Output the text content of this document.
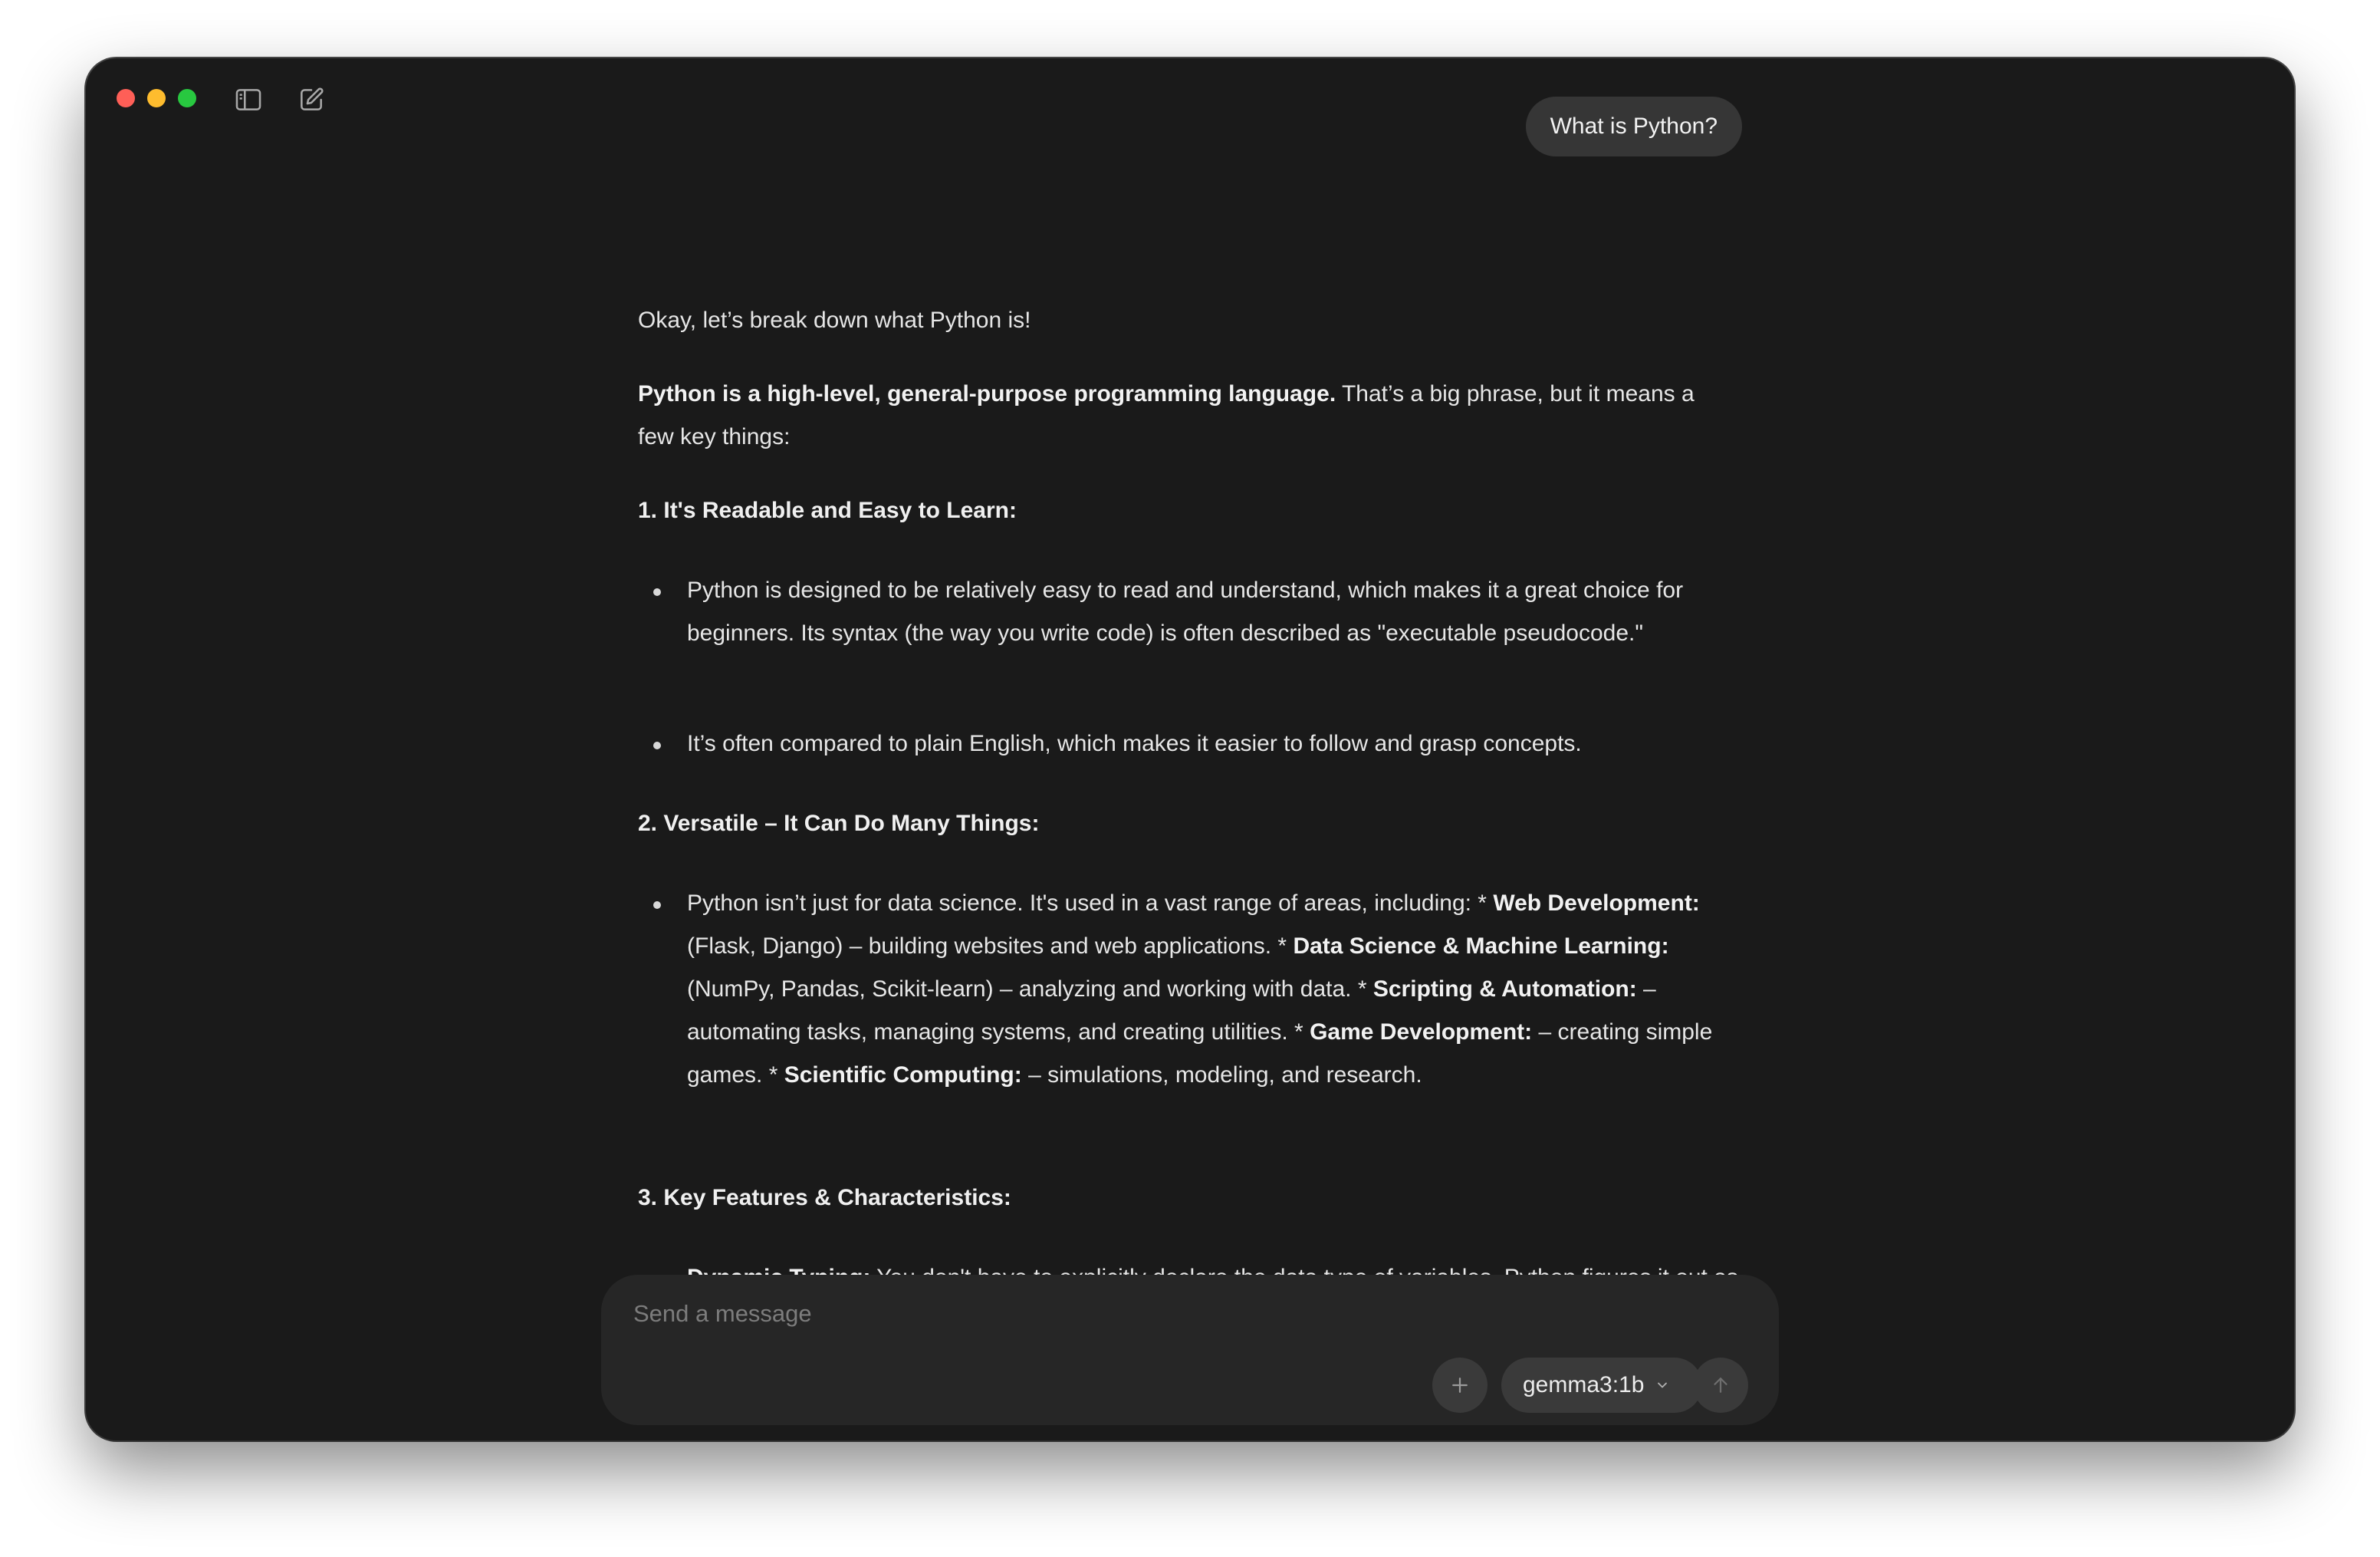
What is Python?

Okay, let’s break down what Python is!

Python is a high-level, general-purpose programming language. That’s a big phrase, but it means a few key things:

1. It's Readable and Easy to Learn:

Python is designed to be relatively easy to read and understand, which makes it a great choice for beginners. Its syntax (the way you write code) is often described as "executable pseudocode."

It’s often compared to plain English, which makes it easier to follow and grasp concepts.

2. Versatile – It Can Do Many Things:

Python isn’t just for data science. It's used in a vast range of areas, including: * Web Development: (Flask, Django) – building websites and web applications. * Data Science & Machine Learning: (NumPy, Pandas, Scikit-learn) – analyzing and working with data. * Scripting & Automation: – automating tasks, managing systems, and creating utilities. * Game Development: – creating simple games. * Scientific Computing: – simulations, modeling, and research.

3. Key Features & Characteristics:

Send a message
gemma3:1b
